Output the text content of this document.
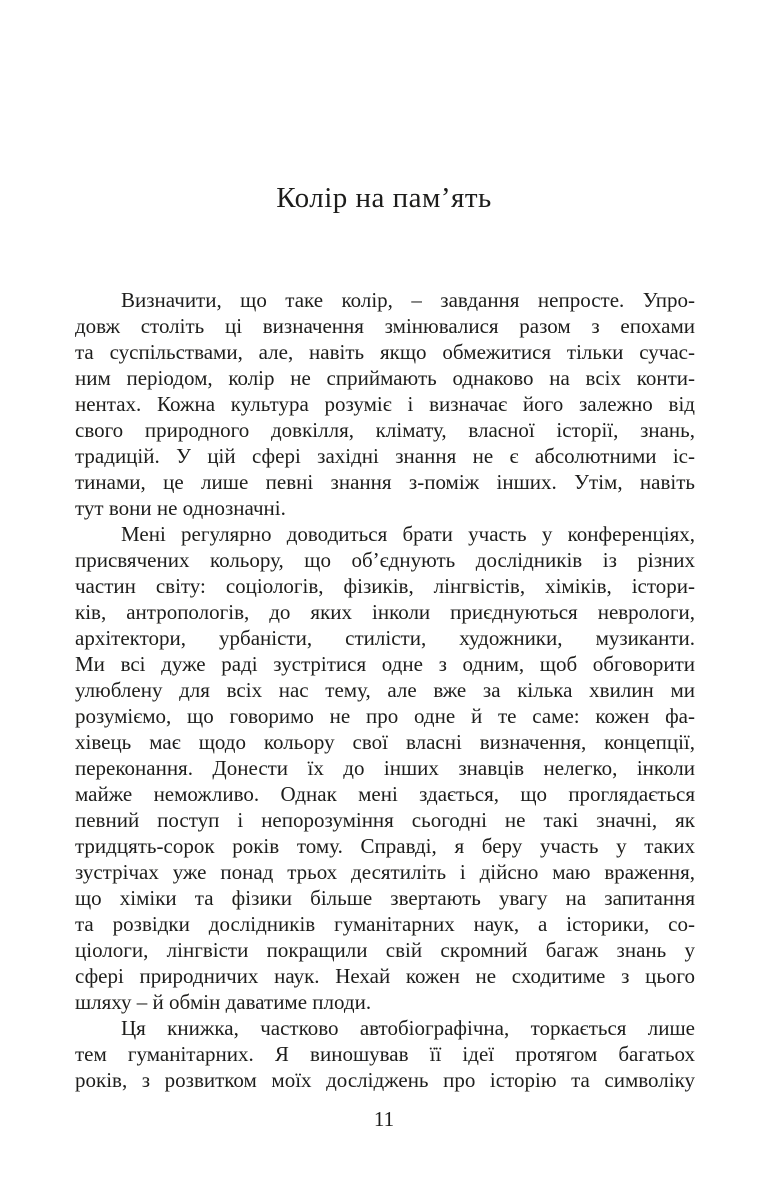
Колір на пам’ять
Визначити, що таке колір, – завдання непросте. Упро-
довж століть ці визначення змінювалися разом з епохами
та суспільствами, але, навіть якщо обмежитися тільки сучас-
ним періодом, колір не сприймають однаково на всіх конти-
нентах. Кожна культура розуміє і визначає його залежно від
свого природного довкілля, клімату, власної історії, знань,
традицій. У цій сфері західні знання не є абсолютними іс-
тинами, це лише певні знання з-поміж інших. Утім, навіть
тут вони не однозначні.
Мені регулярно доводиться брати участь у конференціях,
присвячених кольору, що об’єднують дослідників із різних
частин світу: соціологів, фізиків, лінгвістів, хіміків, істори-
ків, антропологів, до яких інколи приєднуються неврологи,
архітектори, урбаністи, стилісти, художники, музиканти.
Ми всі дуже раді зустрітися одне з одним, щоб обговорити
улюблену для всіх нас тему, але вже за кілька хвилин ми
розуміємо, що говоримо не про одне й те саме: кожен фа-
хівець має щодо кольору свої власні визначення, концепції,
переконання. Донести їх до інших знавців нелегко, інколи
майже неможливо. Однак мені здається, що проглядається
певний поступ і непорозуміння сьогодні не такі значні, як
тридцять-сорок років тому. Справді, я беру участь у таких
зустрічах уже понад трьох десятиліть і дійсно маю враження,
що хіміки та фізики більше звертають увагу на запитання
та розвідки дослідників гуманітарних наук, а історики, со-
ціологи, лінгвісти покращили свій скромний багаж знань у
сфері природничих наук. Нехай кожен не сходитиме з цього
шляху – й обмін даватиме плоди.
Ця книжка, частково автобіографічна, торкається лише
тем гуманітарних. Я виношував її ідеї протягом багатьох
років, з розвитком моїх досліджень про історію та символіку
11
